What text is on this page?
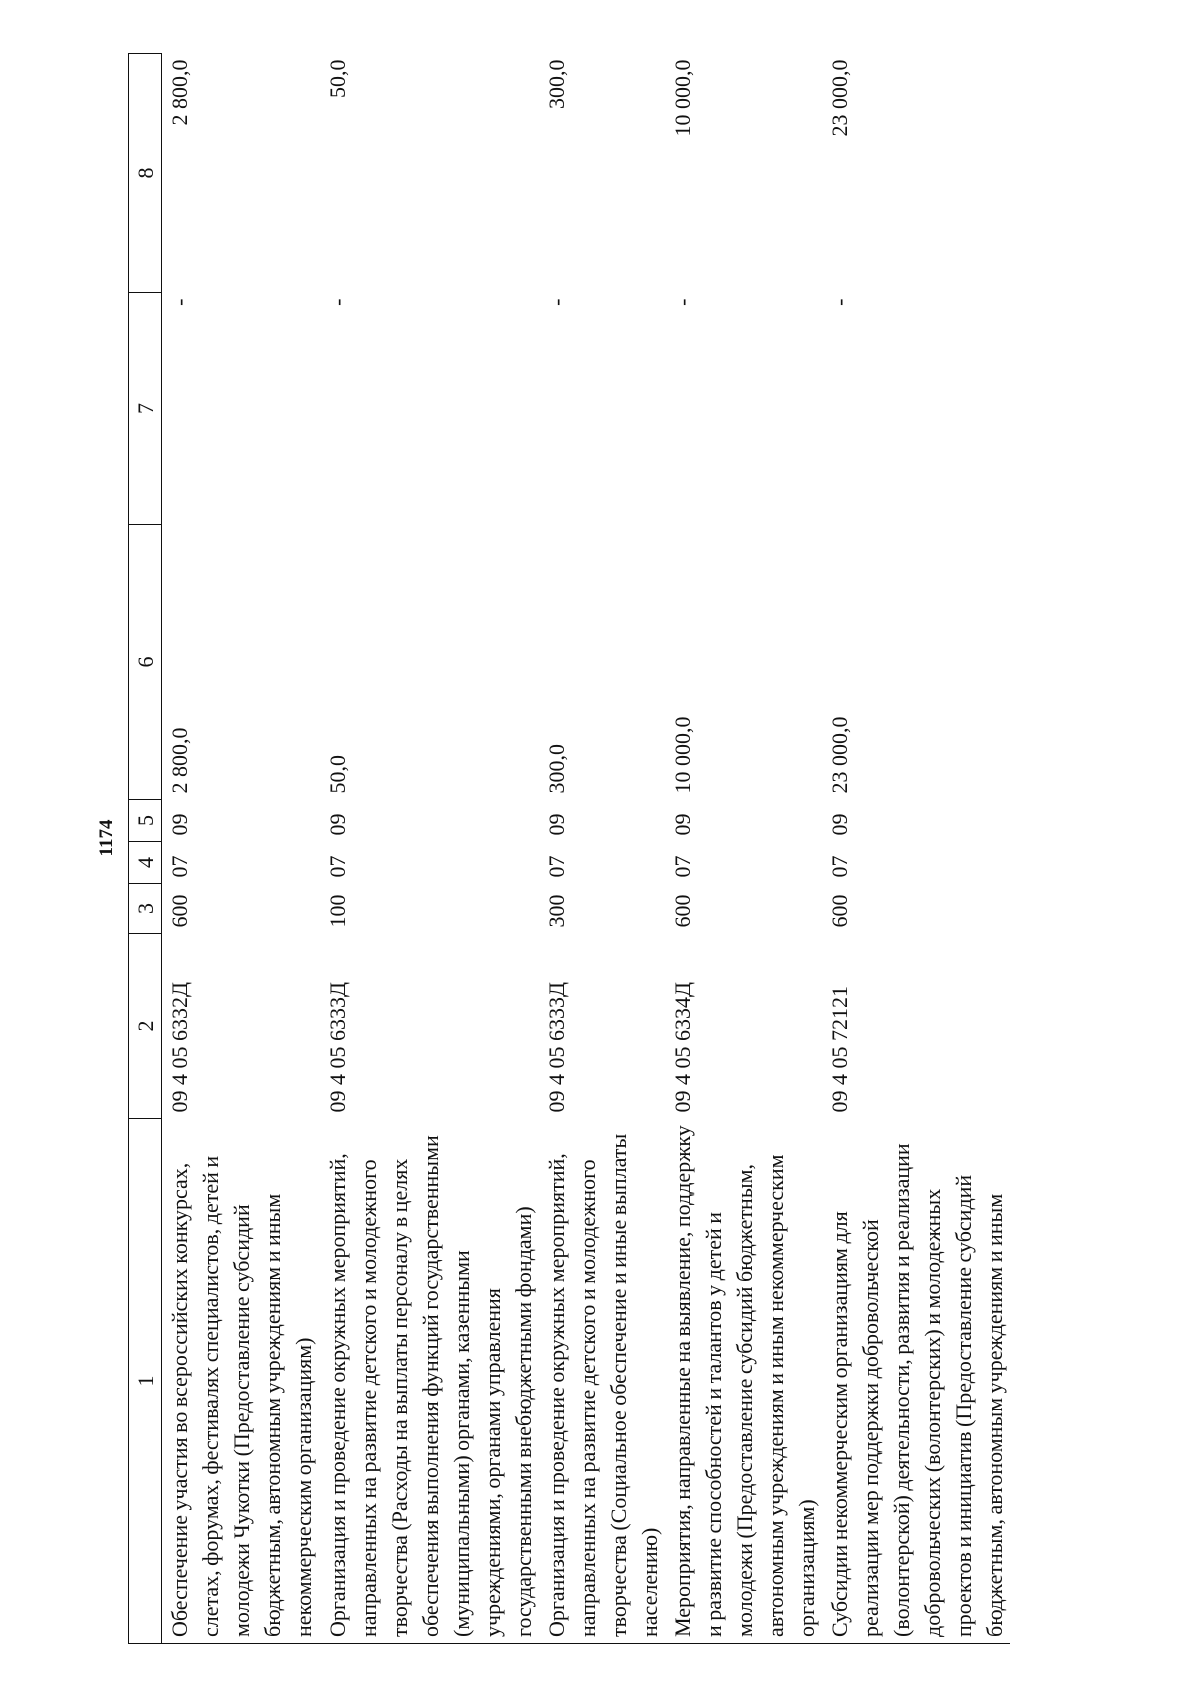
1174
1	2	3	4	5	6	7	8
Обеспечение участия во всероссийских конкурсах, слетах, форумах, фестивалях специалистов, детей и молодежи Чукотки (Предоставление субсидий бюджетным, автономным учреждениям и иным некоммерческим организациям)	09 4 05 6332Д	600	07	09	2 800,0	-	2 800,0
Организация и проведение окружных мероприятий, направленных на развитие детского и молодежного творчества (Расходы на выплаты персоналу в целях обеспечения выполнения функций государственными (муниципальными) органами, казенными учреждениями, органами управления государственными внебюджетными фондами)	09 4 05 6333Д	100	07	09	50,0	-	50,0
Организация и проведение окружных мероприятий, направленных на развитие детского и молодежного творчества (Социальное обеспечение и иные выплаты населению)	09 4 05 6333Д	300	07	09	300,0	-	300,0
Мероприятия, направленные на выявление, поддержку и развитие способностей и талантов у детей и молодежи (Предоставление субсидий бюджетным, автономным учреждениям и иным некоммерческим организациям)	09 4 05 6334Д	600	07	09	10 000,0	-	10 000,0
Субсидии некоммерческим организациям для реализации мер поддержки добровольческой (волонтерской) деятельности, развития и реализации добровольческих (волонтерских) и молодежных проектов и инициатив (Предоставление субсидий бюджетным, автономным учреждениям и иным	09 4 05 72121	600	07	09	23 000,0	-	23 000,0
